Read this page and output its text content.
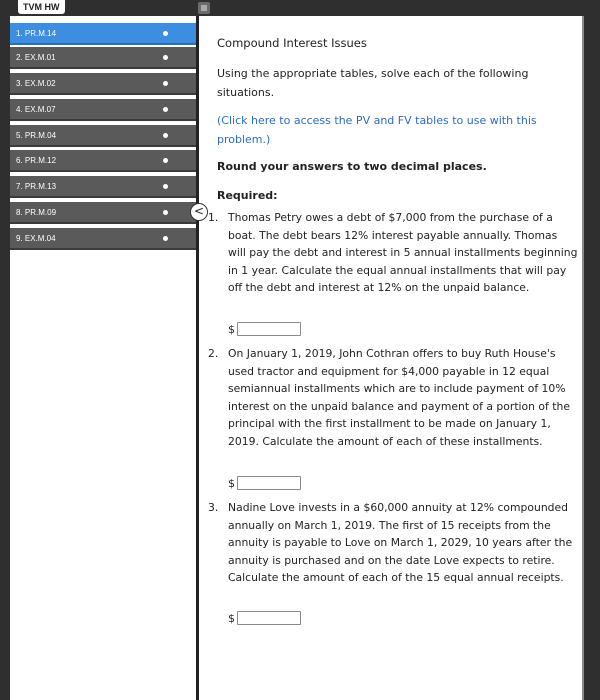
TVM HW
1. PR.M.14
2. EX.M.01
3. EX.M.02
4. EX.M.07
5. PR.M.04
6. PR.M.12
7. PR.M.13
8. PR.M.09
9. EX.M.04
Compound Interest Issues
Using the appropriate tables, solve each of the following situations.
(Click here to access the PV and FV tables to use with this problem.)
Round your answers to two decimal places.
Required:
1. Thomas Petry owes a debt of $7,000 from the purchase of a boat. The debt bears 12% interest payable annually. Thomas will pay the debt and interest in 5 annual installments beginning in 1 year. Calculate the equal annual installments that will pay off the debt and interest at 12% on the unpaid balance.
$
2. On January 1, 2019, John Cothran offers to buy Ruth House's used tractor and equipment for $4,000 payable in 12 equal semiannual installments which are to include payment of 10% interest on the unpaid balance and payment of a portion of the principal with the first installment to be made on January 1, 2019. Calculate the amount of each of these installments.
$
3. Nadine Love invests in a $60,000 annuity at 12% compounded annually on March 1, 2019. The first of 15 receipts from the annuity is payable to Love on March 1, 2029, 10 years after the annuity is purchased and on the date Love expects to retire. Calculate the amount of each of the 15 equal annual receipts.
$
<
